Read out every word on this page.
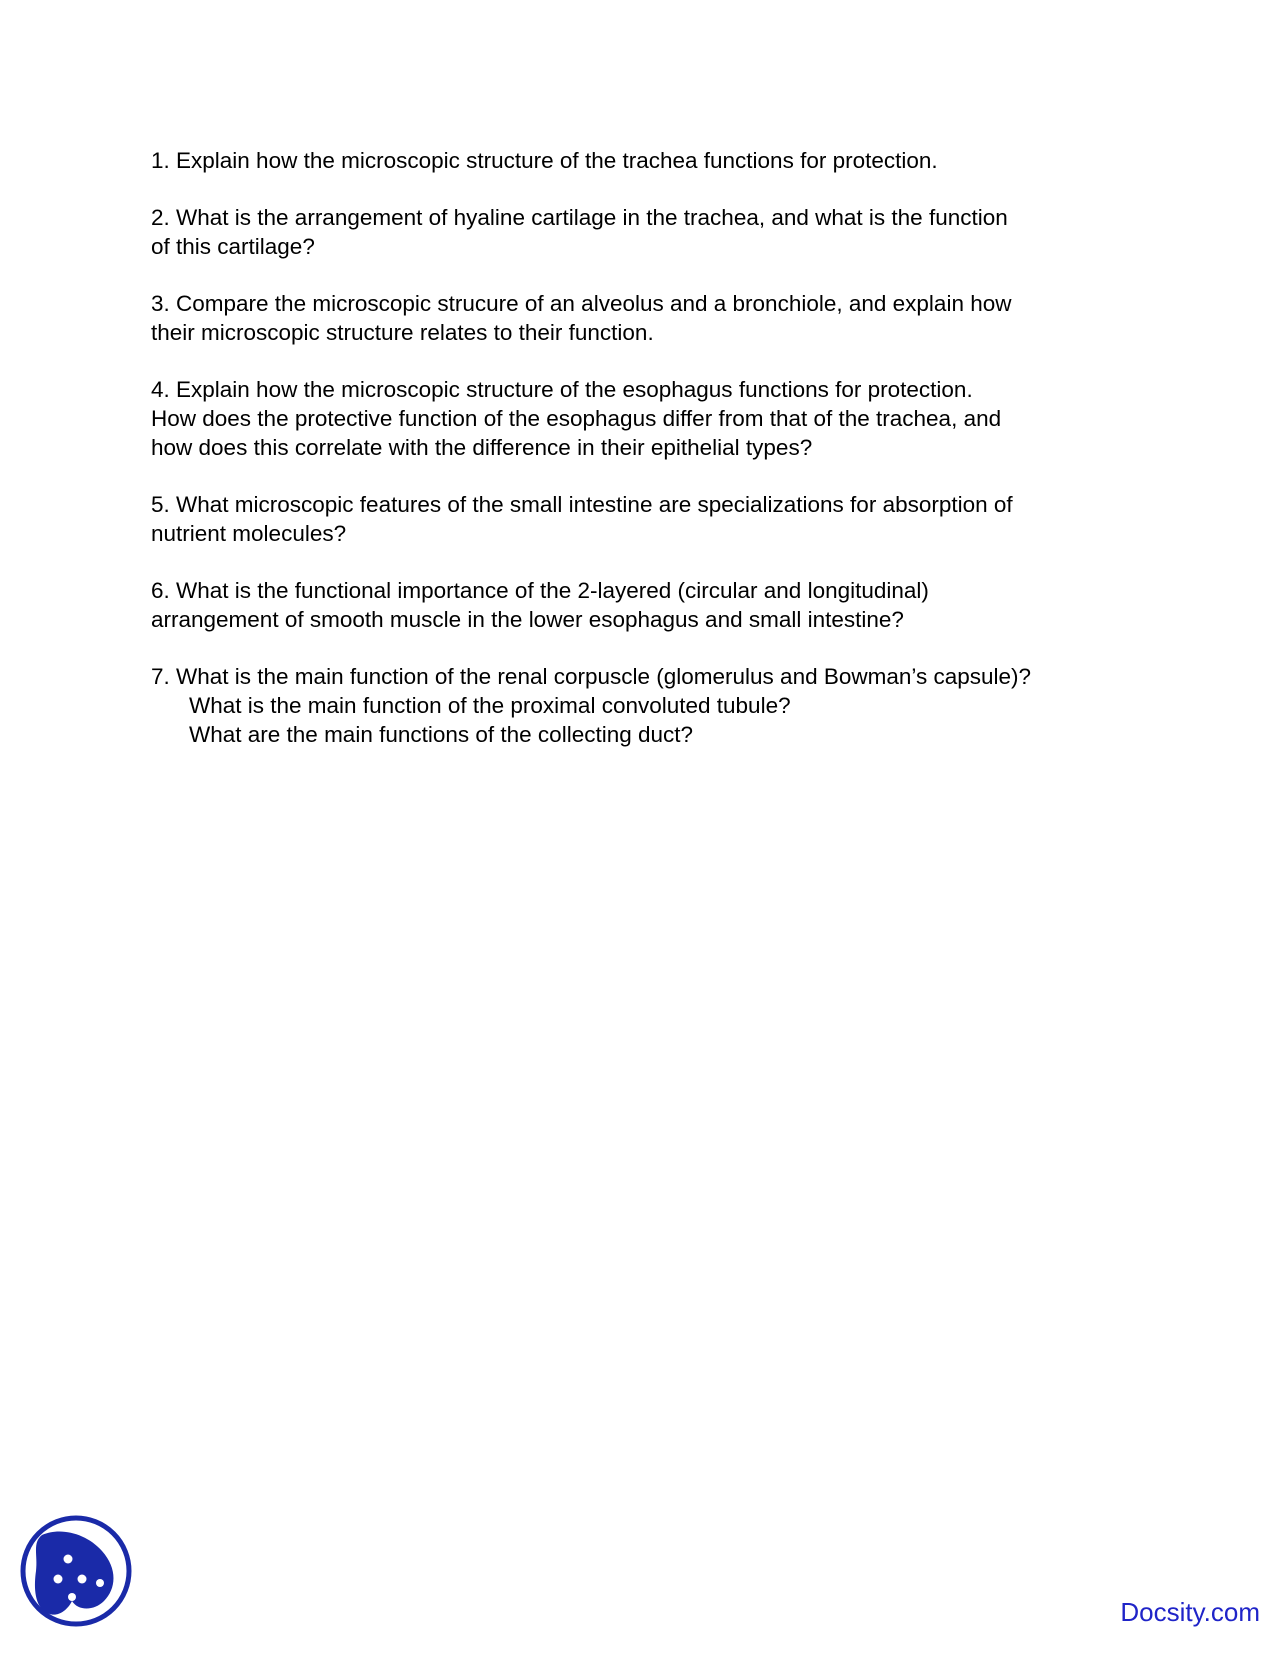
1. Explain how the microscopic structure of the trachea functions for protection.
2. What is the arrangement of hyaline cartilage in the trachea, and what is the function
of this cartilage?
3. Compare the microscopic strucure of an alveolus and a bronchiole, and explain how
their microscopic structure relates to their function.
4. Explain how the microscopic structure of the esophagus functions for protection.
How does the protective function of the esophagus differ from that of the trachea, and
how does this correlate with the difference in their epithelial types?
5. What microscopic features of the small intestine are specializations for absorption of
nutrient molecules?
6. What is the functional importance of the 2-layered (circular and longitudinal)
arrangement of smooth muscle in the lower esophagus and small intestine?
7. What is the main function of the renal corpuscle (glomerulus and Bowman’s capsule)?
What is the main function of the proximal convoluted tubule?
What are the main functions of the collecting duct?
Docsity.com
